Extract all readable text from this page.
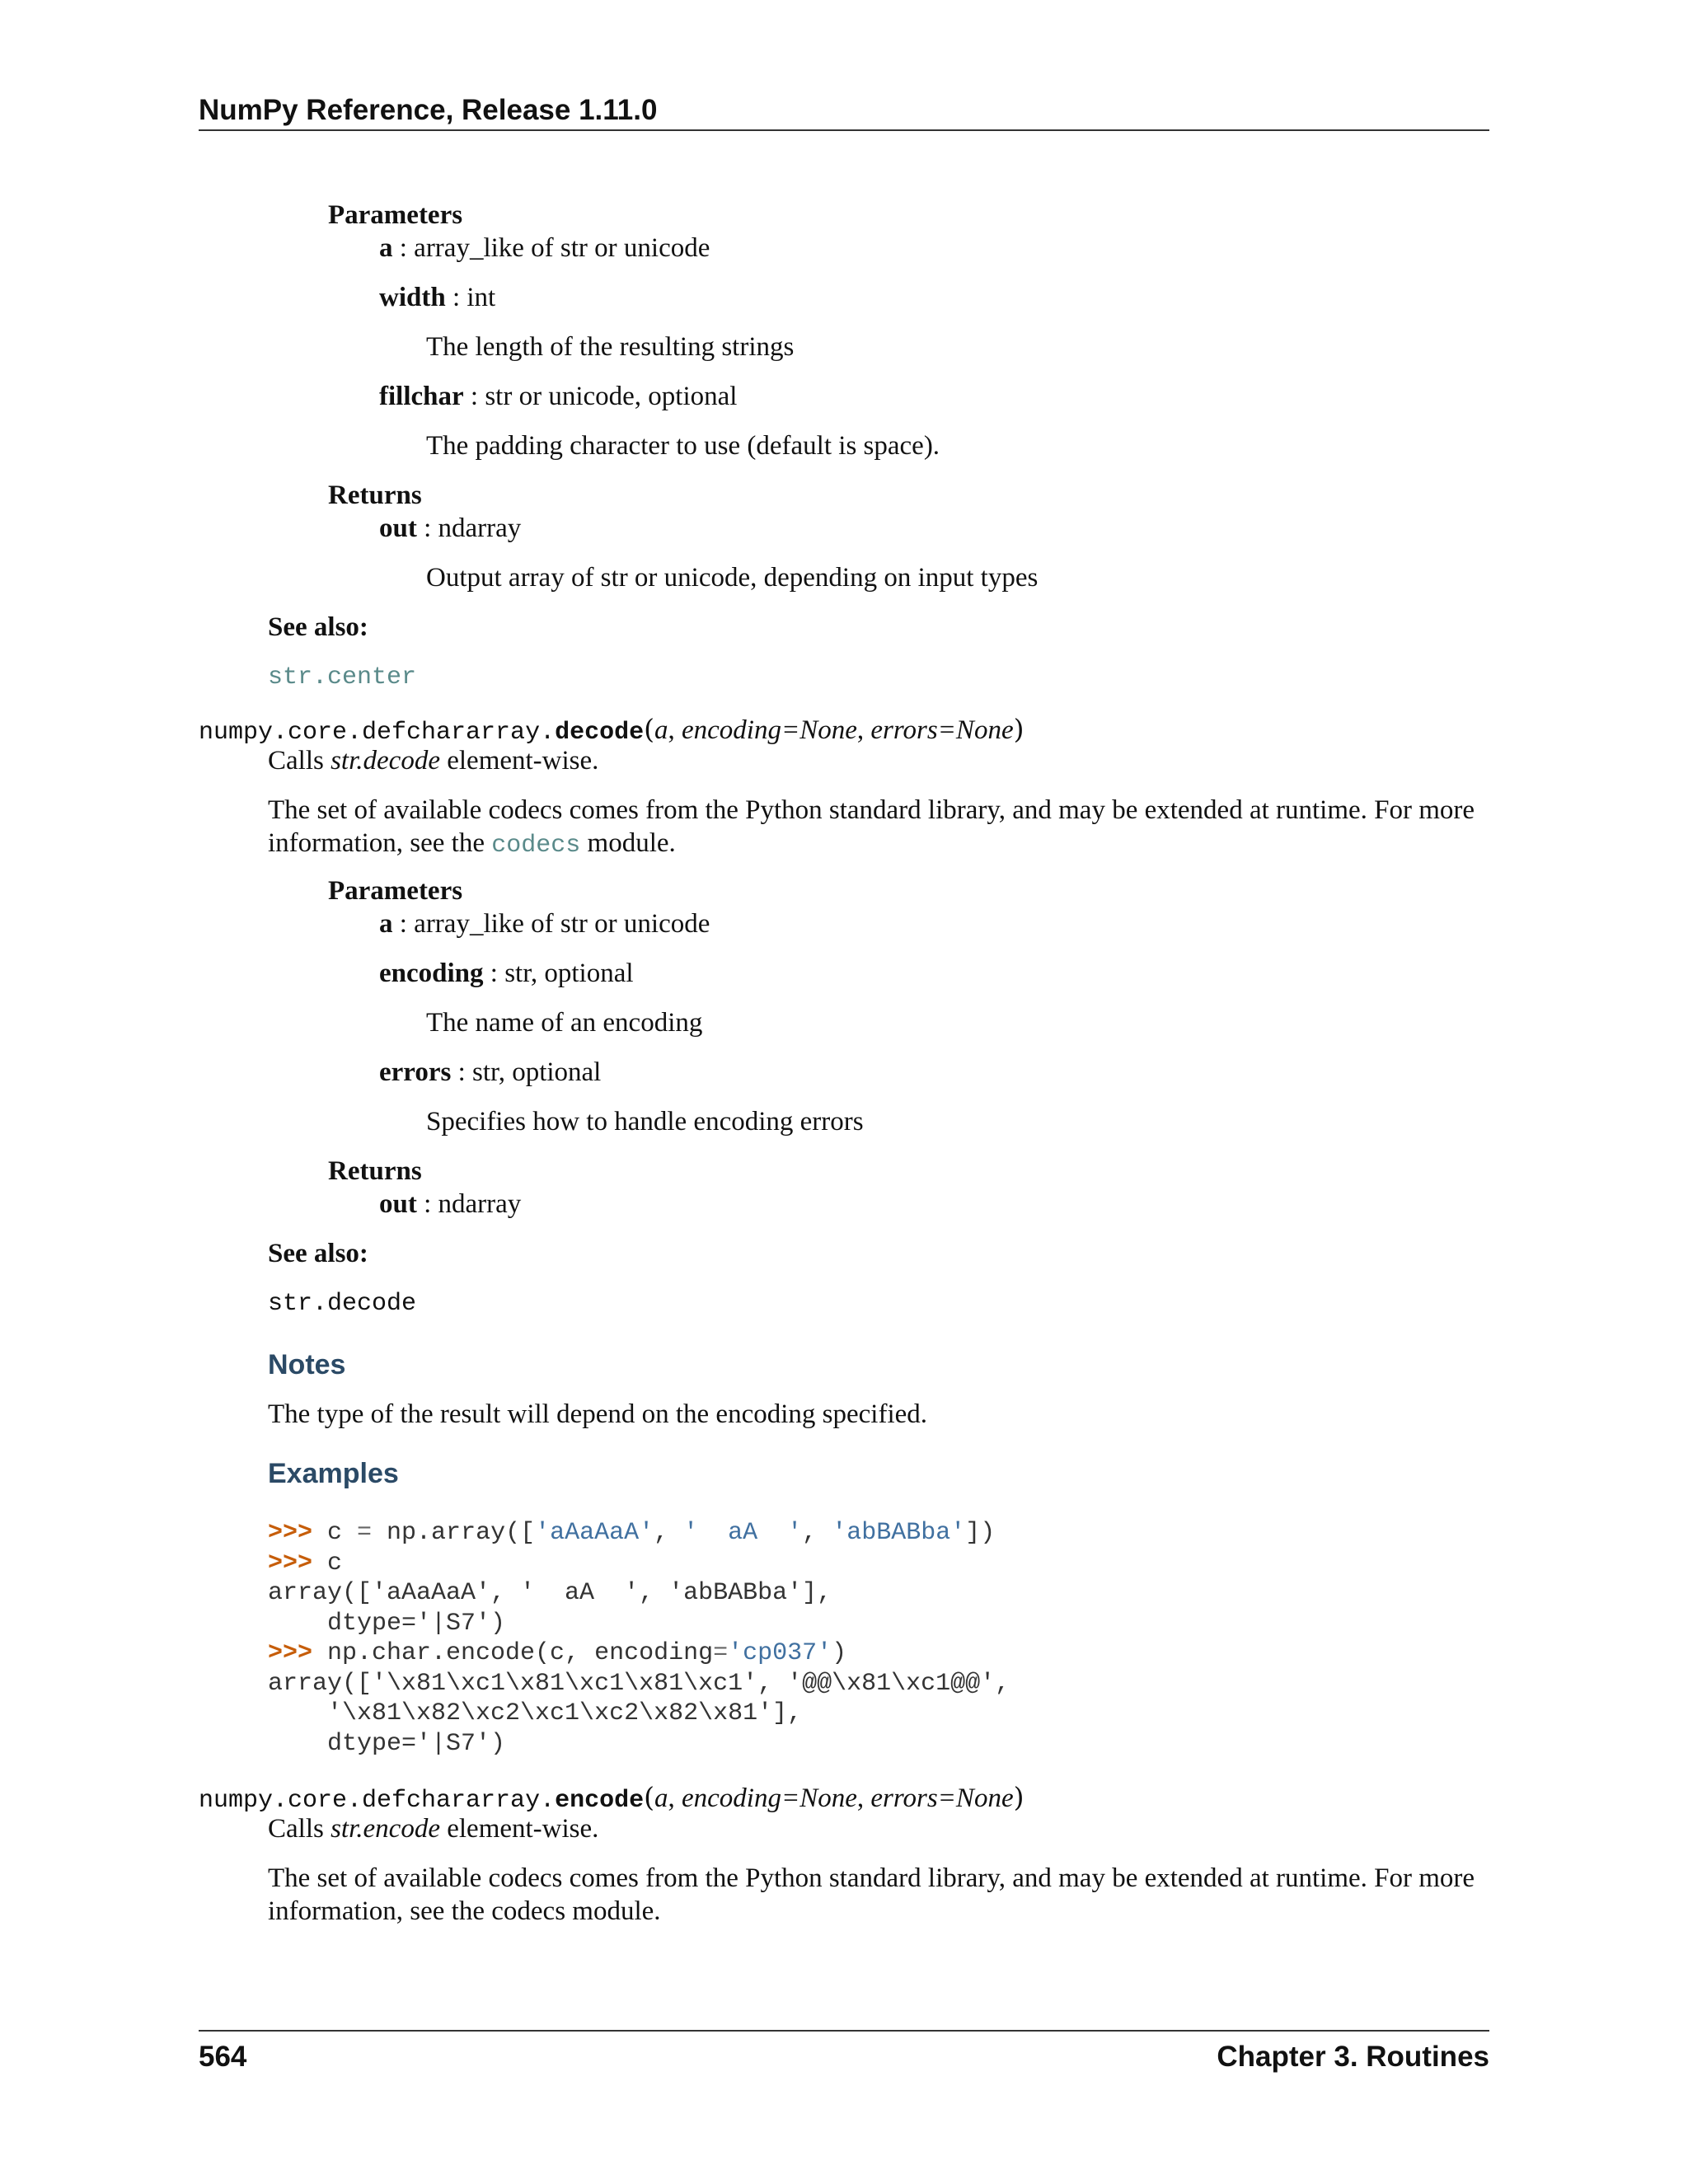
NumPy Reference, Release 1.11.0
Parameters
a : array_like of str or unicode
width : int
The length of the resulting strings
fillchar : str or unicode, optional
The padding character to use (default is space).
Returns
out : ndarray
Output array of str or unicode, depending on input types
See also:
str.center
numpy.core.defchararray.decode(a, encoding=None, errors=None)
Calls str.decode element-wise.
The set of available codecs comes from the Python standard library, and may be extended at runtime. For more
information, see the codecs module.
Parameters
a : array_like of str or unicode
encoding : str, optional
The name of an encoding
errors : str, optional
Specifies how to handle encoding errors
Returns
out : ndarray
See also:
str.decode
Notes
The type of the result will depend on the encoding specified.
Examples
>>> c = np.array(['aAaAaA', '  aA  ', 'abBABba'])
>>> c
array(['aAaAaA', '  aA  ', 'abBABba'],
dtype='|S7')
>>> np.char.encode(c, encoding='cp037')
array(['\x81\xc1\x81\xc1\x81\xc1', '@@\x81\xc1@@',
'\x81\x82\xc2\xc1\xc2\x82\x81'],
dtype='|S7')
numpy.core.defchararray.encode(a, encoding=None, errors=None)
Calls str.encode element-wise.
The set of available codecs comes from the Python standard library, and may be extended at runtime. For more
information, see the codecs module.
564	Chapter 3. Routines
